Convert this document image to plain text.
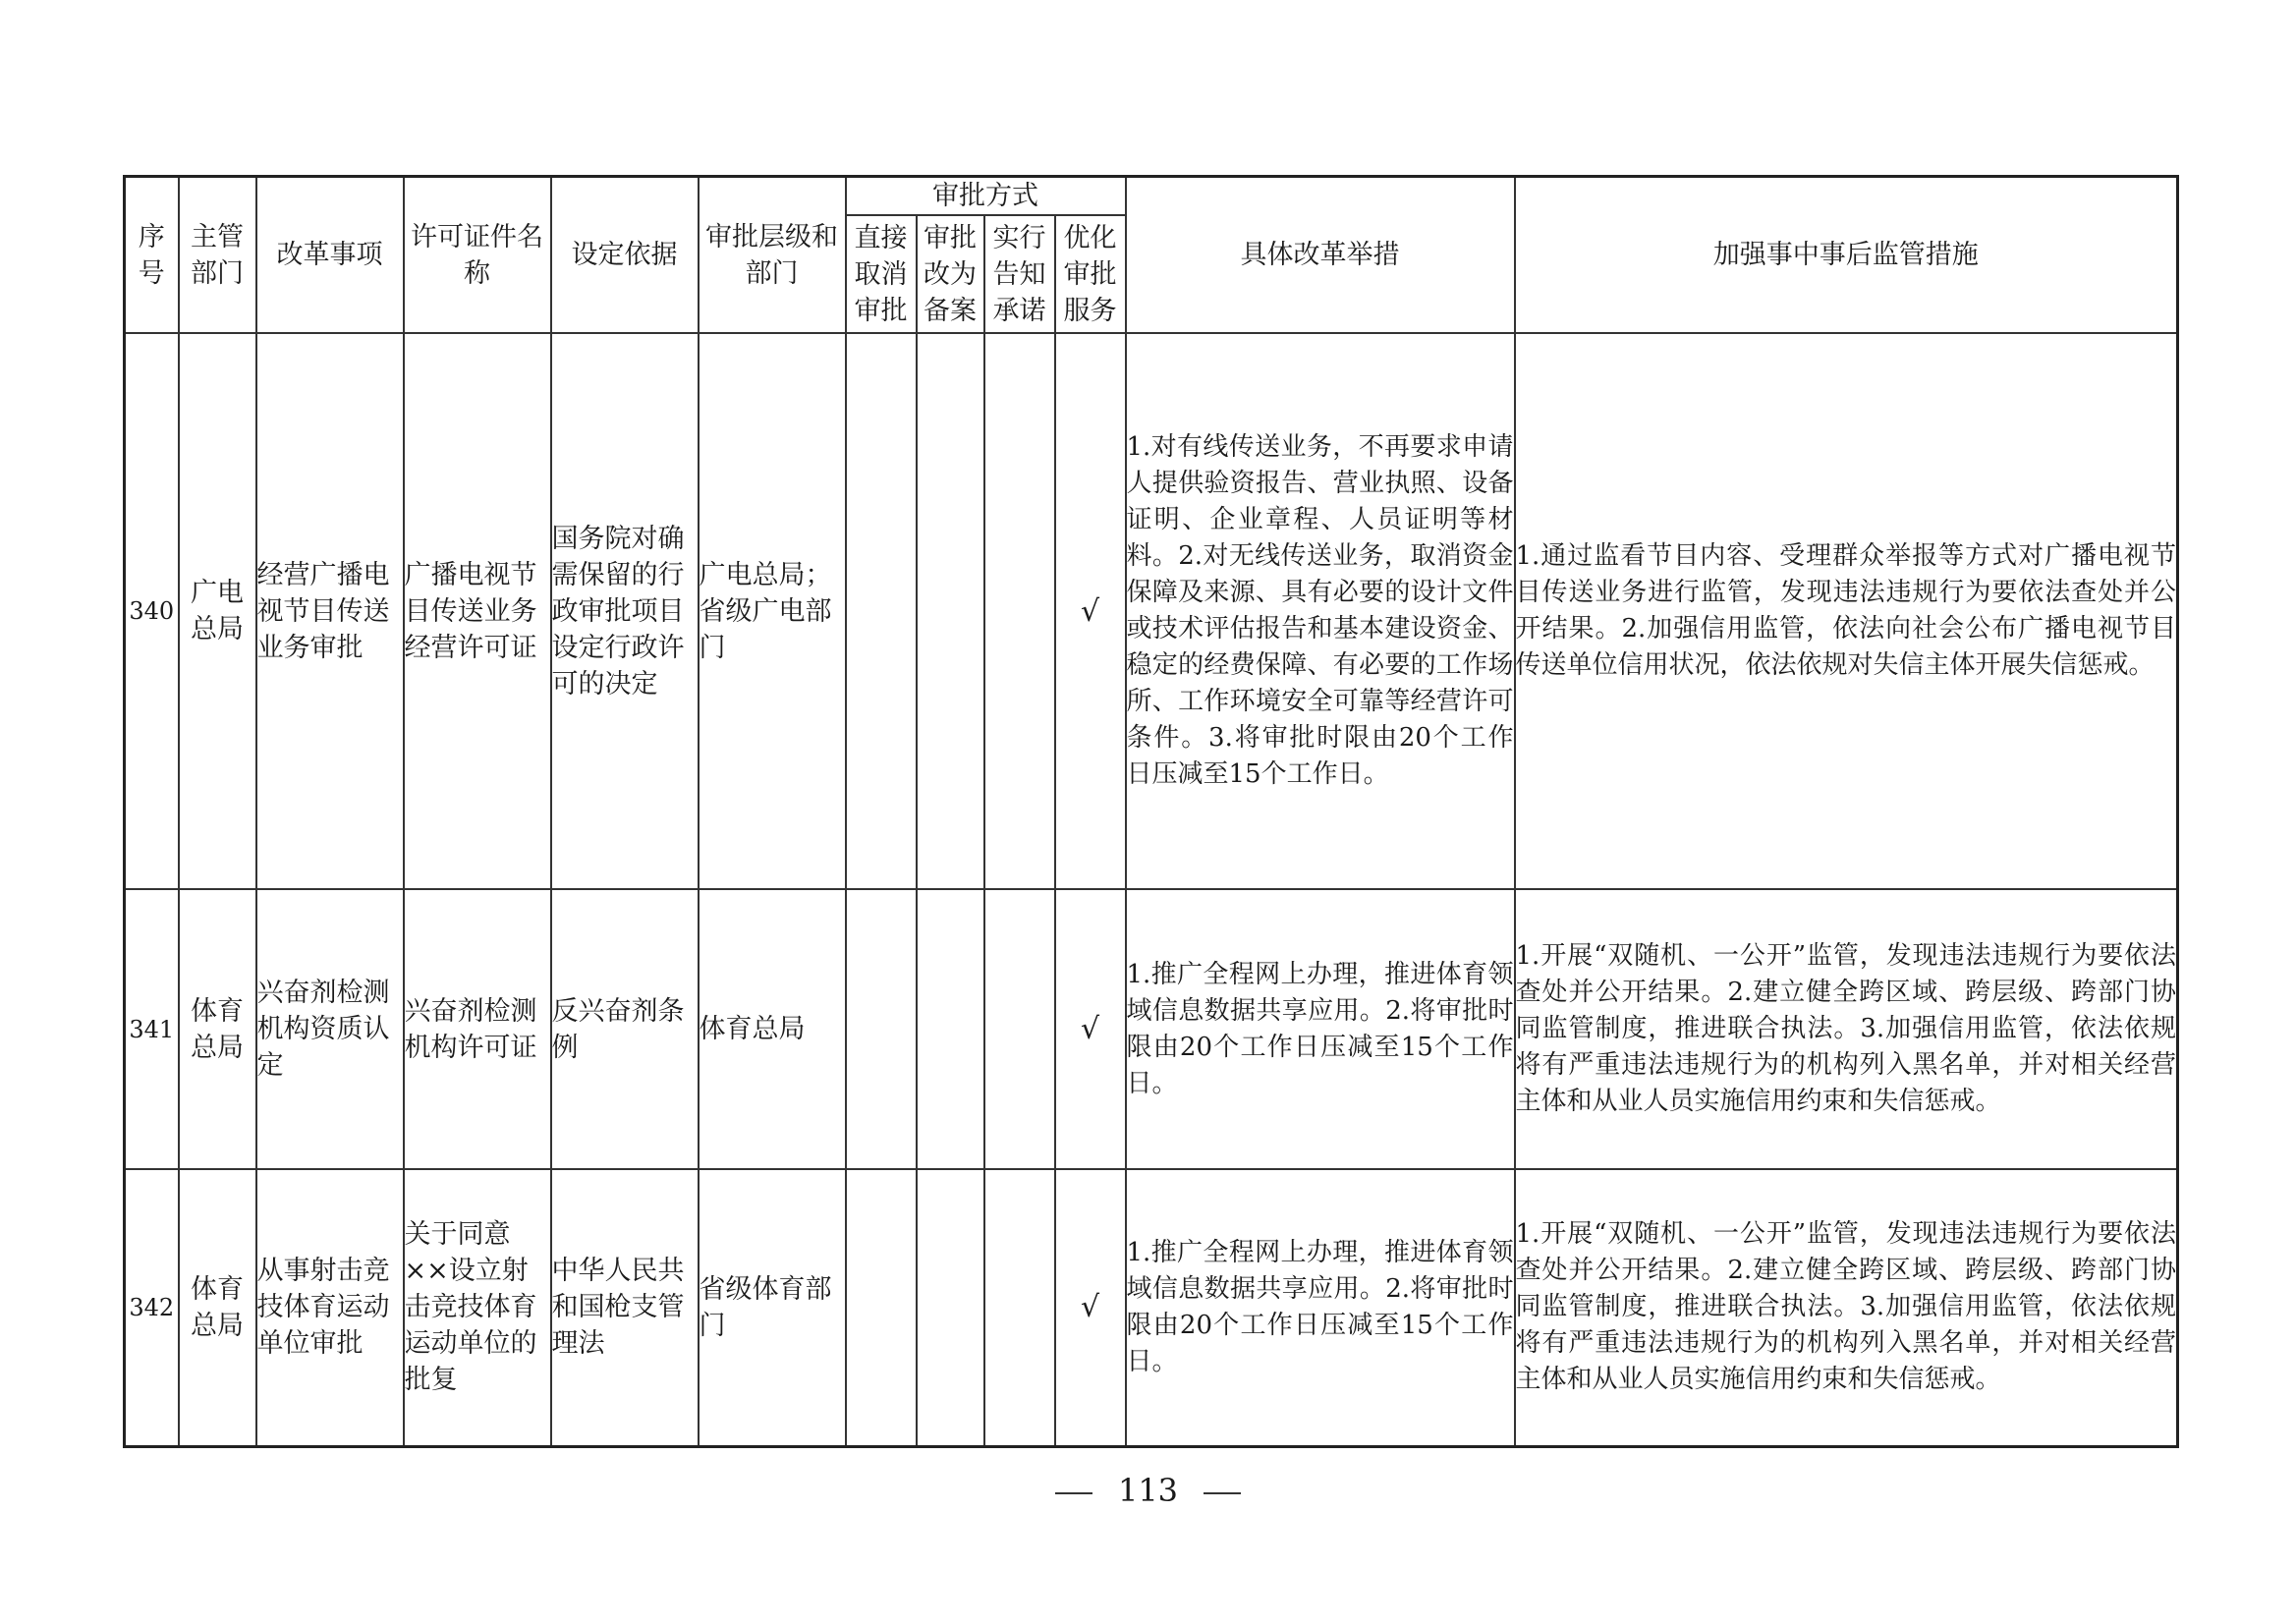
序号	主管部门	改革事项	许可证件名称	设定依据	审批层级和部门	审批方式				具体改革举措	加强事中事后监管措施
						直接取消审批	审批改为备案	实行告知承诺	优化审批服务		
340	广电总局	经营广播电视节目传送业务审批	广播电视节目传送业务经营许可证	国务院对确需保留的行政审批项目设定行政许可的决定	广电总局；省级广电部门				√	1.对有线传送业务，不再要求申请人提供验资报告、营业执照、设备证明、企业章程、人员证明等材料。2.对无线传送业务，取消资金保障及来源、具有必要的设计文件或技术评估报告和基本建设资金、稳定的经费保障、有必要的工作场所、工作环境安全可靠等经营许可条件。3.将审批时限由20个工作日压减至15个工作日。	1.通过监看节目内容、受理群众举报等方式对广播电视节目传送业务进行监管，发现违法违规行为要依法查处并公开结果。2.加强信用监管，依法向社会公布广播电视节目传送单位信用状况，依法依规对失信主体开展失信惩戒。
341	体育总局	兴奋剂检测机构资质认定	兴奋剂检测机构许可证	反兴奋剂条例	体育总局				√	1.推广全程网上办理，推进体育领域信息数据共享应用。2.将审批时限由20个工作日压减至15个工作日。	1.开展“双随机、一公开”监管，发现违法违规行为要依法查处并公开结果。2.建立健全跨区域、跨层级、跨部门协同监管制度，推进联合执法。3.加强信用监管，依法依规将有严重违法违规行为的机构列入黑名单，并对相关经营主体和从业人员实施信用约束和失信惩戒。
342	体育总局	从事射击竞技体育运动单位审批	关于同意××设立射击竞技体育运动单位的批复	中华人民共和国枪支管理法	省级体育部门				√	1.推广全程网上办理，推进体育领域信息数据共享应用。2.将审批时限由20个工作日压减至15个工作日。	1.开展“双随机、一公开”监管，发现违法违规行为要依法查处并公开结果。2.建立健全跨区域、跨层级、跨部门协同监管制度，推进联合执法。3.加强信用监管，依法依规将有严重违法违规行为的机构列入黑名单，并对相关经营主体和从业人员实施信用约束和失信惩戒。
113
